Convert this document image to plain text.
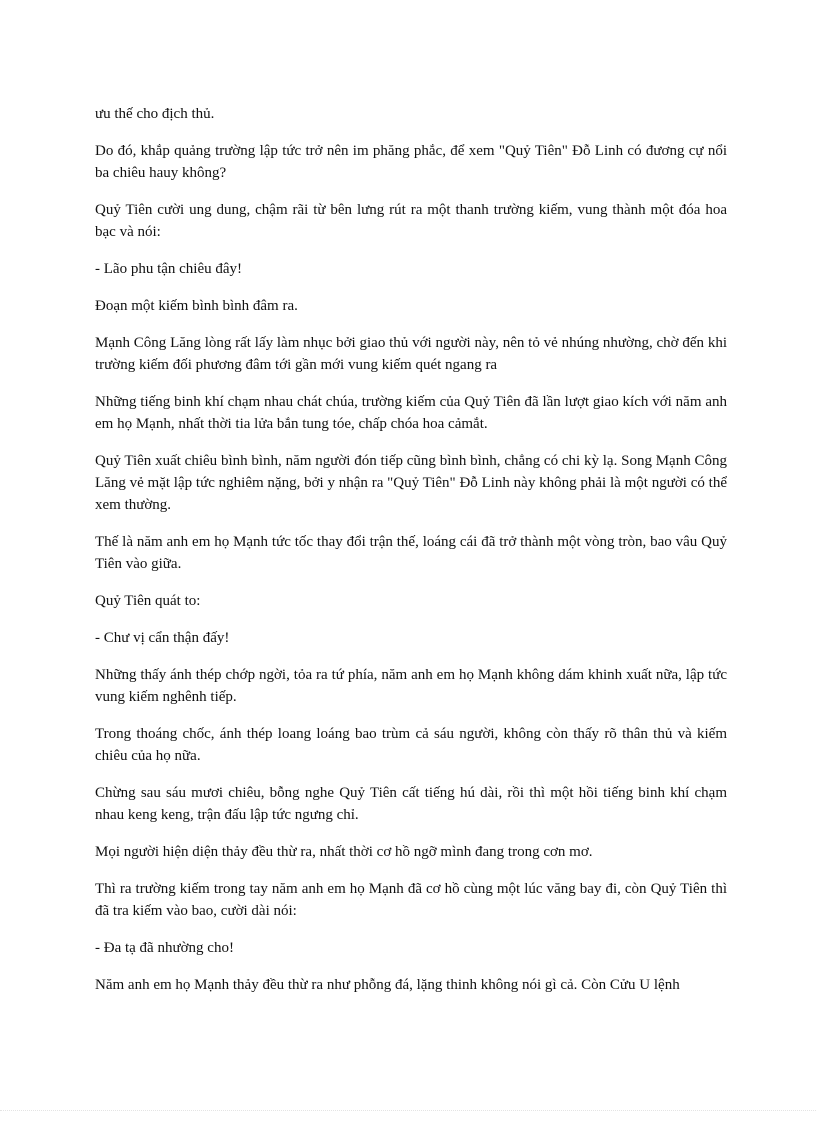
ưu thế cho địch thủ.

Do đó, khắp quảng trường lập tức trở nên im phăng phắc, để xem "Quỷ Tiên" Đỗ Linh có đương cự nổi ba chiêu hauy không?

Quỷ Tiên cười ung dung, chậm rãi từ bên lưng rút ra một thanh trường kiếm, vung thành một đóa hoa bạc và nói:

- Lão phu tận chiêu đây!

Đoạn một kiếm bình bình đâm ra.

Mạnh Công Lăng lòng rất lấy làm nhục bởi giao thủ với người này, nên tỏ vẻ nhúng nhường, chờ đến khi trường kiếm đối phương đâm tới gần mới vung kiếm quét ngang ra

Những tiếng binh khí chạm nhau chát chúa, trường kiếm của Quỷ Tiên đã lần lượt giao kích với năm anh em họ Mạnh, nhất thời tia lửa bắn tung tóe, chấp chóa hoa cảmắt.

Quỷ Tiên xuất chiêu bình bình, năm người đón tiếp cũng bình bình, chẳng có chi kỳ lạ. Song Mạnh Công Lăng vẻ mặt lập tức nghiêm nặng, bởi y nhận ra "Quỷ Tiên" Đỗ Linh này không phải là một người có thể xem thường.

Thế là năm anh em họ Mạnh tức tốc thay đổi trận thế, loáng cái đã trở thành một vòng tròn, bao vâu Quỷ Tiên vào giữa.

Quỷ Tiên quát to:

- Chư vị cẩn thận đấy!

Những thấy ánh thép chớp ngời, tỏa ra tứ phía, năm anh em họ Mạnh không dám khinh xuất nữa, lập tức vung kiếm nghênh tiếp.

Trong thoáng chốc, ánh thép loang loáng bao trùm cả sáu người, không còn thấy rõ thân thủ và kiếm chiêu của họ nữa.

Chừng sau sáu mươi chiêu, bỗng nghe Quỷ Tiên cất tiếng hú dài, rồi thì một hồi tiếng binh khí chạm nhau keng keng, trận đấu lập tức ngưng chỉ.

Mọi người hiện diện thảy đều thừ ra, nhất thời cơ hồ ngỡ mình đang trong cơn mơ.

Thì ra trường kiếm trong tay năm anh em họ Mạnh đã cơ hồ cùng một lúc văng bay đi, còn Quỷ Tiên thì đã tra kiếm vào bao, cười dài nói:

- Đa tạ đã nhường cho!

Năm anh em họ Mạnh thảy đều thừ ra như phỗng đá, lặng thinh không nói gì cả. Còn Cửu U lệnh
